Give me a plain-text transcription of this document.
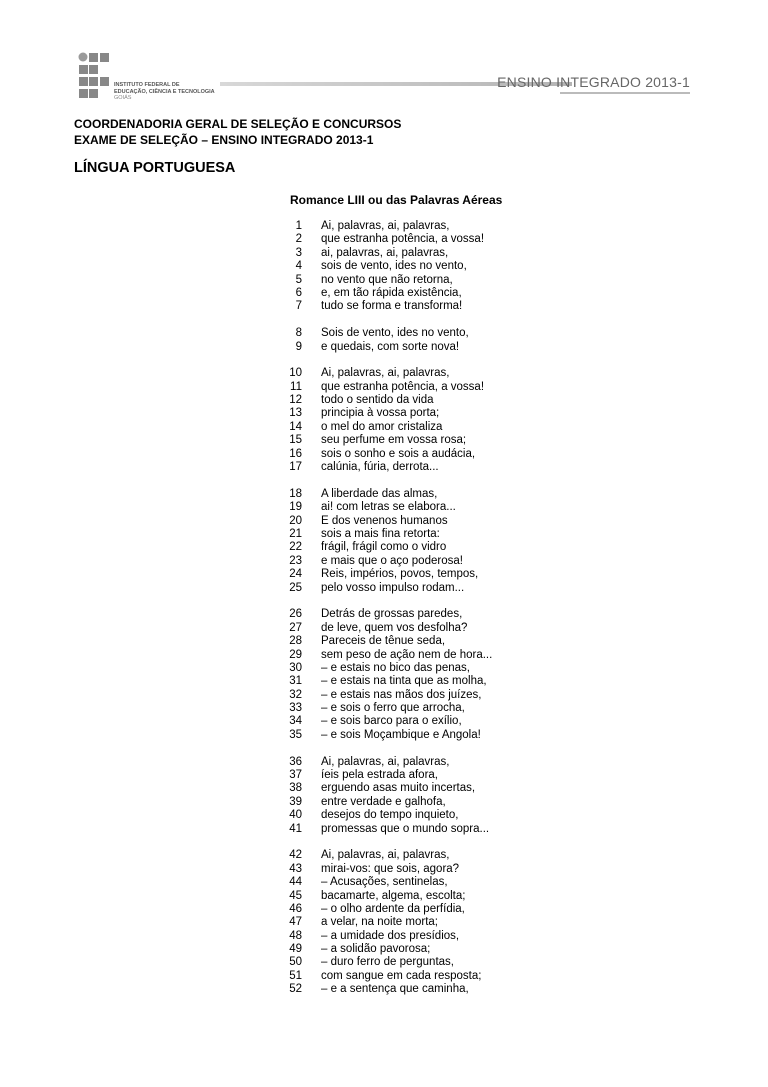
INSTITUTO FEDERAL DE
EDUCAÇÃO, CIÊNCIA E TECNOLOGIA
GOIÁS
ENSINO INTEGRADO 2013-1
COORDENADORIA GERAL DE SELEÇÃO E CONCURSOS
EXAME DE SELEÇÃO – ENSINO INTEGRADO 2013-1
LÍNGUA PORTUGUESA
Romance LIII ou das Palavras Aéreas
1	Ai, palavras, ai, palavras,
2	que estranha potência, a vossa!
3	ai, palavras, ai, palavras,
4	sois de vento, ides no vento,
5	no vento que não retorna,
6	e, em tão rápida existência,
7	tudo se forma e transforma!
8	Sois de vento, ides no vento,
9	e quedais, com sorte nova!
10	Ai, palavras, ai, palavras,
11	que estranha potência, a vossa!
12	todo o sentido da vida
13	principia à vossa porta;
14	o mel do amor cristaliza
15	seu perfume em vossa rosa;
16	sois o sonho e sois a audácia,
17	calúnia, fúria, derrota...
18	A liberdade das almas,
19	ai! com letras se elabora...
20	E dos venenos humanos
21	sois a mais fina retorta:
22	frágil, frágil como o vidro
23	e mais que o aço poderosa!
24	Reis, impérios, povos, tempos,
25	pelo vosso impulso rodam...
26	Detrás de grossas paredes,
27	de leve, quem vos desfolha?
28	Pareceis de tênue seda,
29	sem peso de ação nem de hora...
30	– e estais no bico das penas,
31	– e estais na tinta que as molha,
32	– e estais nas mãos dos juízes,
33	– e sois o ferro que arrocha,
34	– e sois barco para o exílio,
35	– e sois Moçambique e Angola!
36	Ai, palavras, ai, palavras,
37	íeis pela estrada afora,
38	erguendo asas muito incertas,
39	entre verdade e galhofa,
40	desejos do tempo inquieto,
41	promessas que o mundo sopra...
42	Ai, palavras, ai, palavras,
43	mirai-vos: que sois, agora?
44	– Acusações, sentinelas,
45	bacamarte, algema, escolta;
46	– o olho ardente da perfídia,
47	a velar, na noite morta;
48	– a umidade dos presídios,
49	– a solidão pavorosa;
50	– duro ferro de perguntas,
51	com sangue em cada resposta;
52	– e a sentença que caminha,
